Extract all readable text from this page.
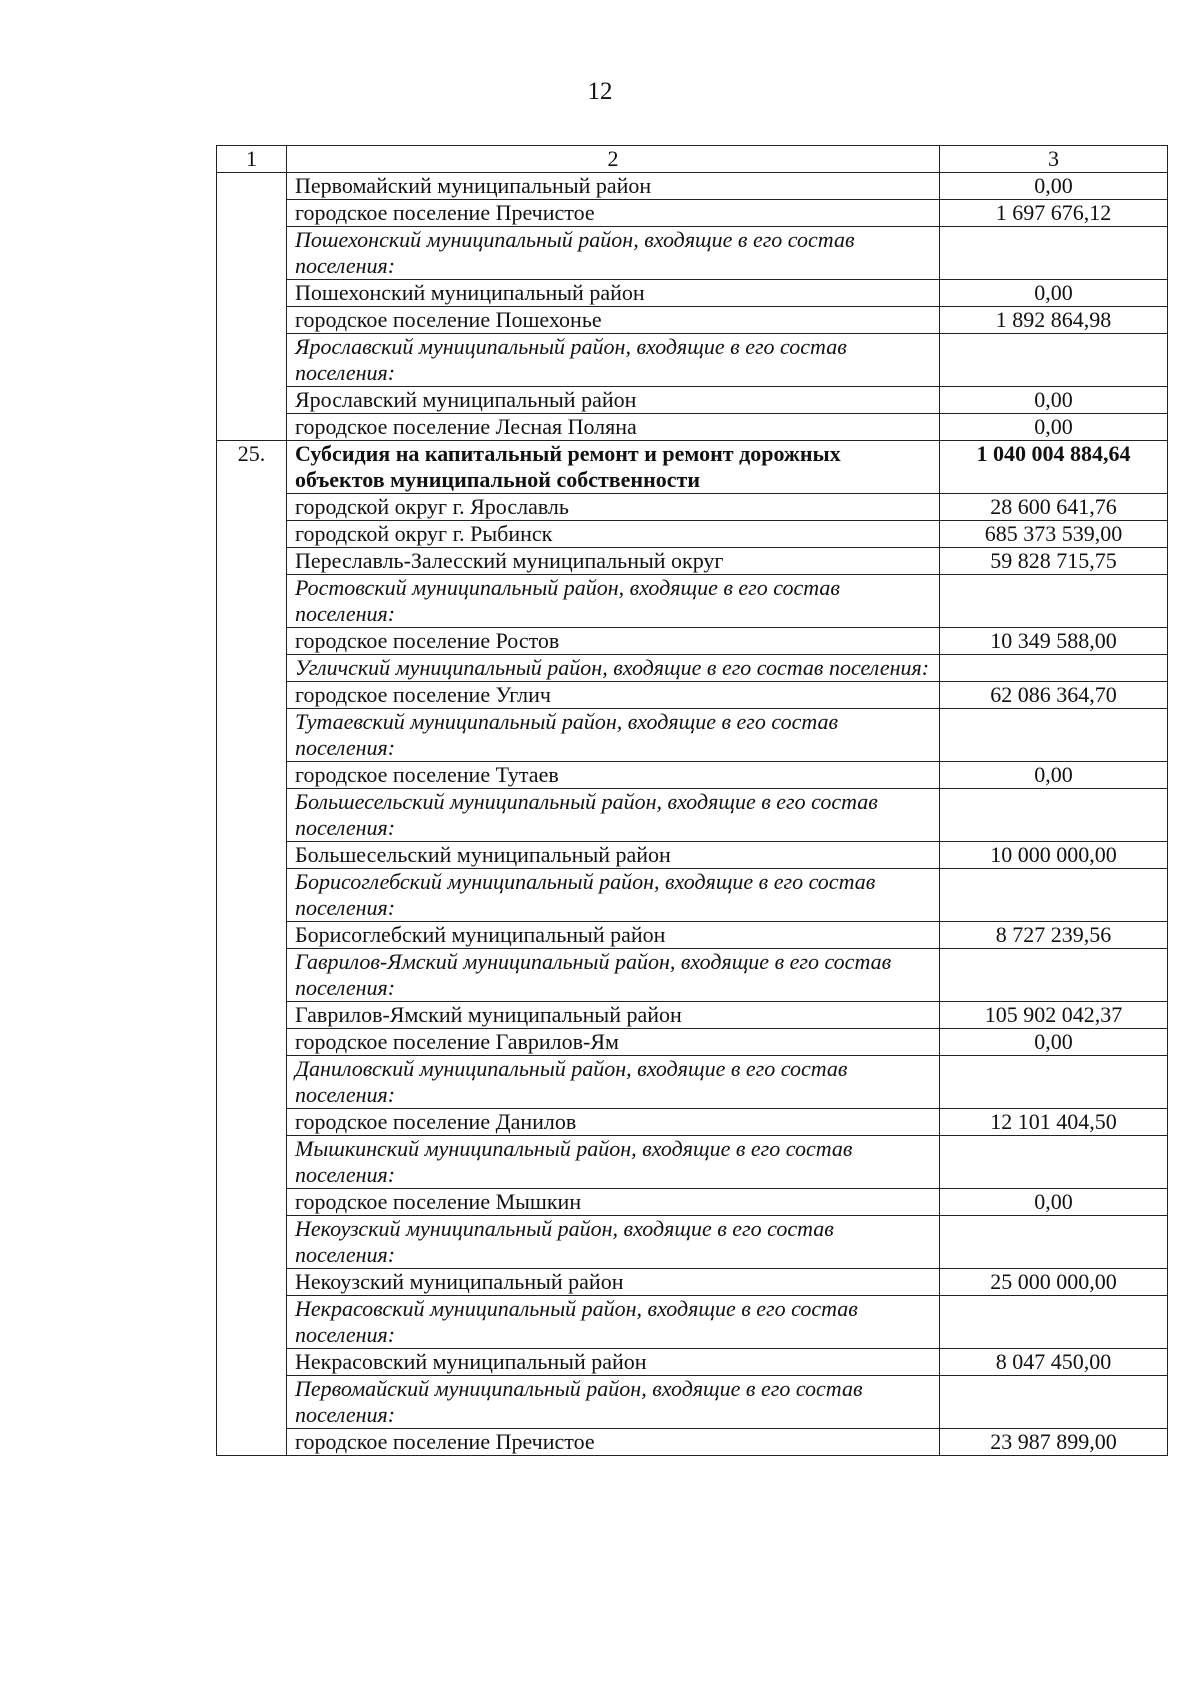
12
1	2	3
	Первомайский муниципальный район	0,00
	городское поселение Пречистое	1 697 676,12
	Пошехонский муниципальный район, входящие в его состав поселения:	
	Пошехонский муниципальный район	0,00
	городское поселение Пошехонье	1 892 864,98
	Ярославский муниципальный район, входящие в его состав поселения:	
	Ярославский муниципальный район	0,00
	городское поселение Лесная Поляна	0,00
25.	Субсидия на капитальный ремонт и ремонт дорожных объектов муниципальной собственности	1 040 004 884,64
	городской округ г. Ярославль	28 600 641,76
	городской округ г. Рыбинск	685 373 539,00
	Переславль-Залесский муниципальный округ	59 828 715,75
	Ростовский муниципальный район, входящие в его состав поселения:	
	городское поселение Ростов	10 349 588,00
	Угличский муниципальный район, входящие в его состав поселения:	
	городское поселение Углич	62 086 364,70
	Тутаевский муниципальный район, входящие в его состав поселения:	
	городское поселение Тутаев	0,00
	Большесельский муниципальный район, входящие в его состав поселения:	
	Большесельский муниципальный район	10 000 000,00
	Борисоглебский муниципальный район, входящие в его состав поселения:	
	Борисоглебский муниципальный район	8 727 239,56
	Гаврилов-Ямский муниципальный район, входящие в его состав поселения:	
	Гаврилов-Ямский муниципальный район	105 902 042,37
	городское поселение Гаврилов-Ям	0,00
	Даниловский муниципальный район, входящие в его состав поселения:	
	городское поселение Данилов	12 101 404,50
	Мышкинский муниципальный район, входящие в его состав поселения:	
	городское поселение Мышкин	0,00
	Некоузский муниципальный район, входящие в его состав поселения:	
	Некоузский муниципальный район	25 000 000,00
	Некрасовский муниципальный район, входящие в его состав поселения:	
	Некрасовский муниципальный район	8 047 450,00
	Первомайский муниципальный район, входящие в его состав поселения:	
	городское поселение Пречистое	23 987 899,00
